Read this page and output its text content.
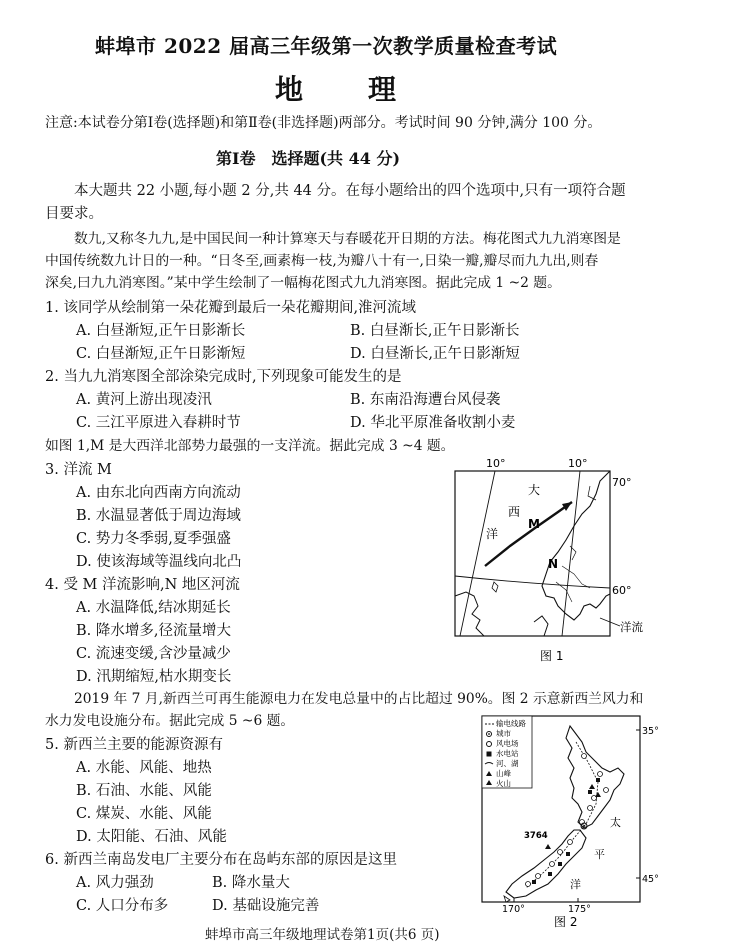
蚌埠市 2022 届高三年级第一次教学质量检查考试
地 理
注意:本试卷分第Ⅰ卷(选择题)和第Ⅱ卷(非选择题)两部分。考试时间 90 分钟,满分 100 分。
第Ⅰ卷　选择题(共 44 分)
本大题共 22 小题,每小题 2 分,共 44 分。在每小题给出的四个选项中,只有一项符合题
目要求。
数九,又称冬九九,是中国民间一种计算寒天与春暖花开日期的方法。梅花图式九九消寒图是
中国传统数九计日的一种。“日冬至,画素梅一枝,为瓣八十有一,日染一瓣,瓣尽而九九出,则春
深矣,曰九九消寒图。”某中学生绘制了一幅梅花图式九九消寒图。据此完成 1 ~2 题。
1. 该同学从绘制第一朵花瓣到最后一朵花瓣期间,淮河流域
A. 白昼渐短,正午日影渐长	B. 白昼渐长,正午日影渐长
C. 白昼渐短,正午日影渐短	D. 白昼渐长,正午日影渐短
2. 当九九消寒图全部涂染完成时,下列现象可能发生的是
A. 黄河上游出现凌汛	B. 东南沿海遭台风侵袭
C. 三江平原进入春耕时节	D. 华北平原准备收割小麦
如图 1,M 是大西洋北部势力最强的一支洋流。据此完成 3 ~4 题。
3. 洋流 M
A. 由东北向西南方向流动
B. 水温显著低于周边海域
C. 势力冬季弱,夏季强盛
D. 使该海域等温线向北凸
4. 受 M 洋流影响,N 地区河流
A. 水温降低,结冰期延长
B. 降水增多,径流量增大
C. 流速变缓,含沙量减少
D. 汛期缩短,枯水期变长
10°	10°
70°
60°
大
西
洋
M
N
洋流
图 1
2019 年 7 月,新西兰可再生能源电力在发电总量中的占比超过 90%。图 2 示意新西兰风力和
水力发电设施分布。据此完成 5 ~6 题。
5. 新西兰主要的能源资源有
A. 水能、风能、地热
B. 石油、水能、风能
C. 煤炭、水能、风能
D. 太阳能、石油、风能
6. 新西兰南岛发电厂主要分布在岛屿东部的原因是这里
A. 风力强劲	B. 降水量大
C. 人口分布多	D. 基础设施完善
输电线路
城市
风电场
水电站
河、湖
山峰
火山
35°
45°
170°	175°
3764
太
平
洋
图 2
蚌埠市高三年级地理试卷第1页(共6 页)
